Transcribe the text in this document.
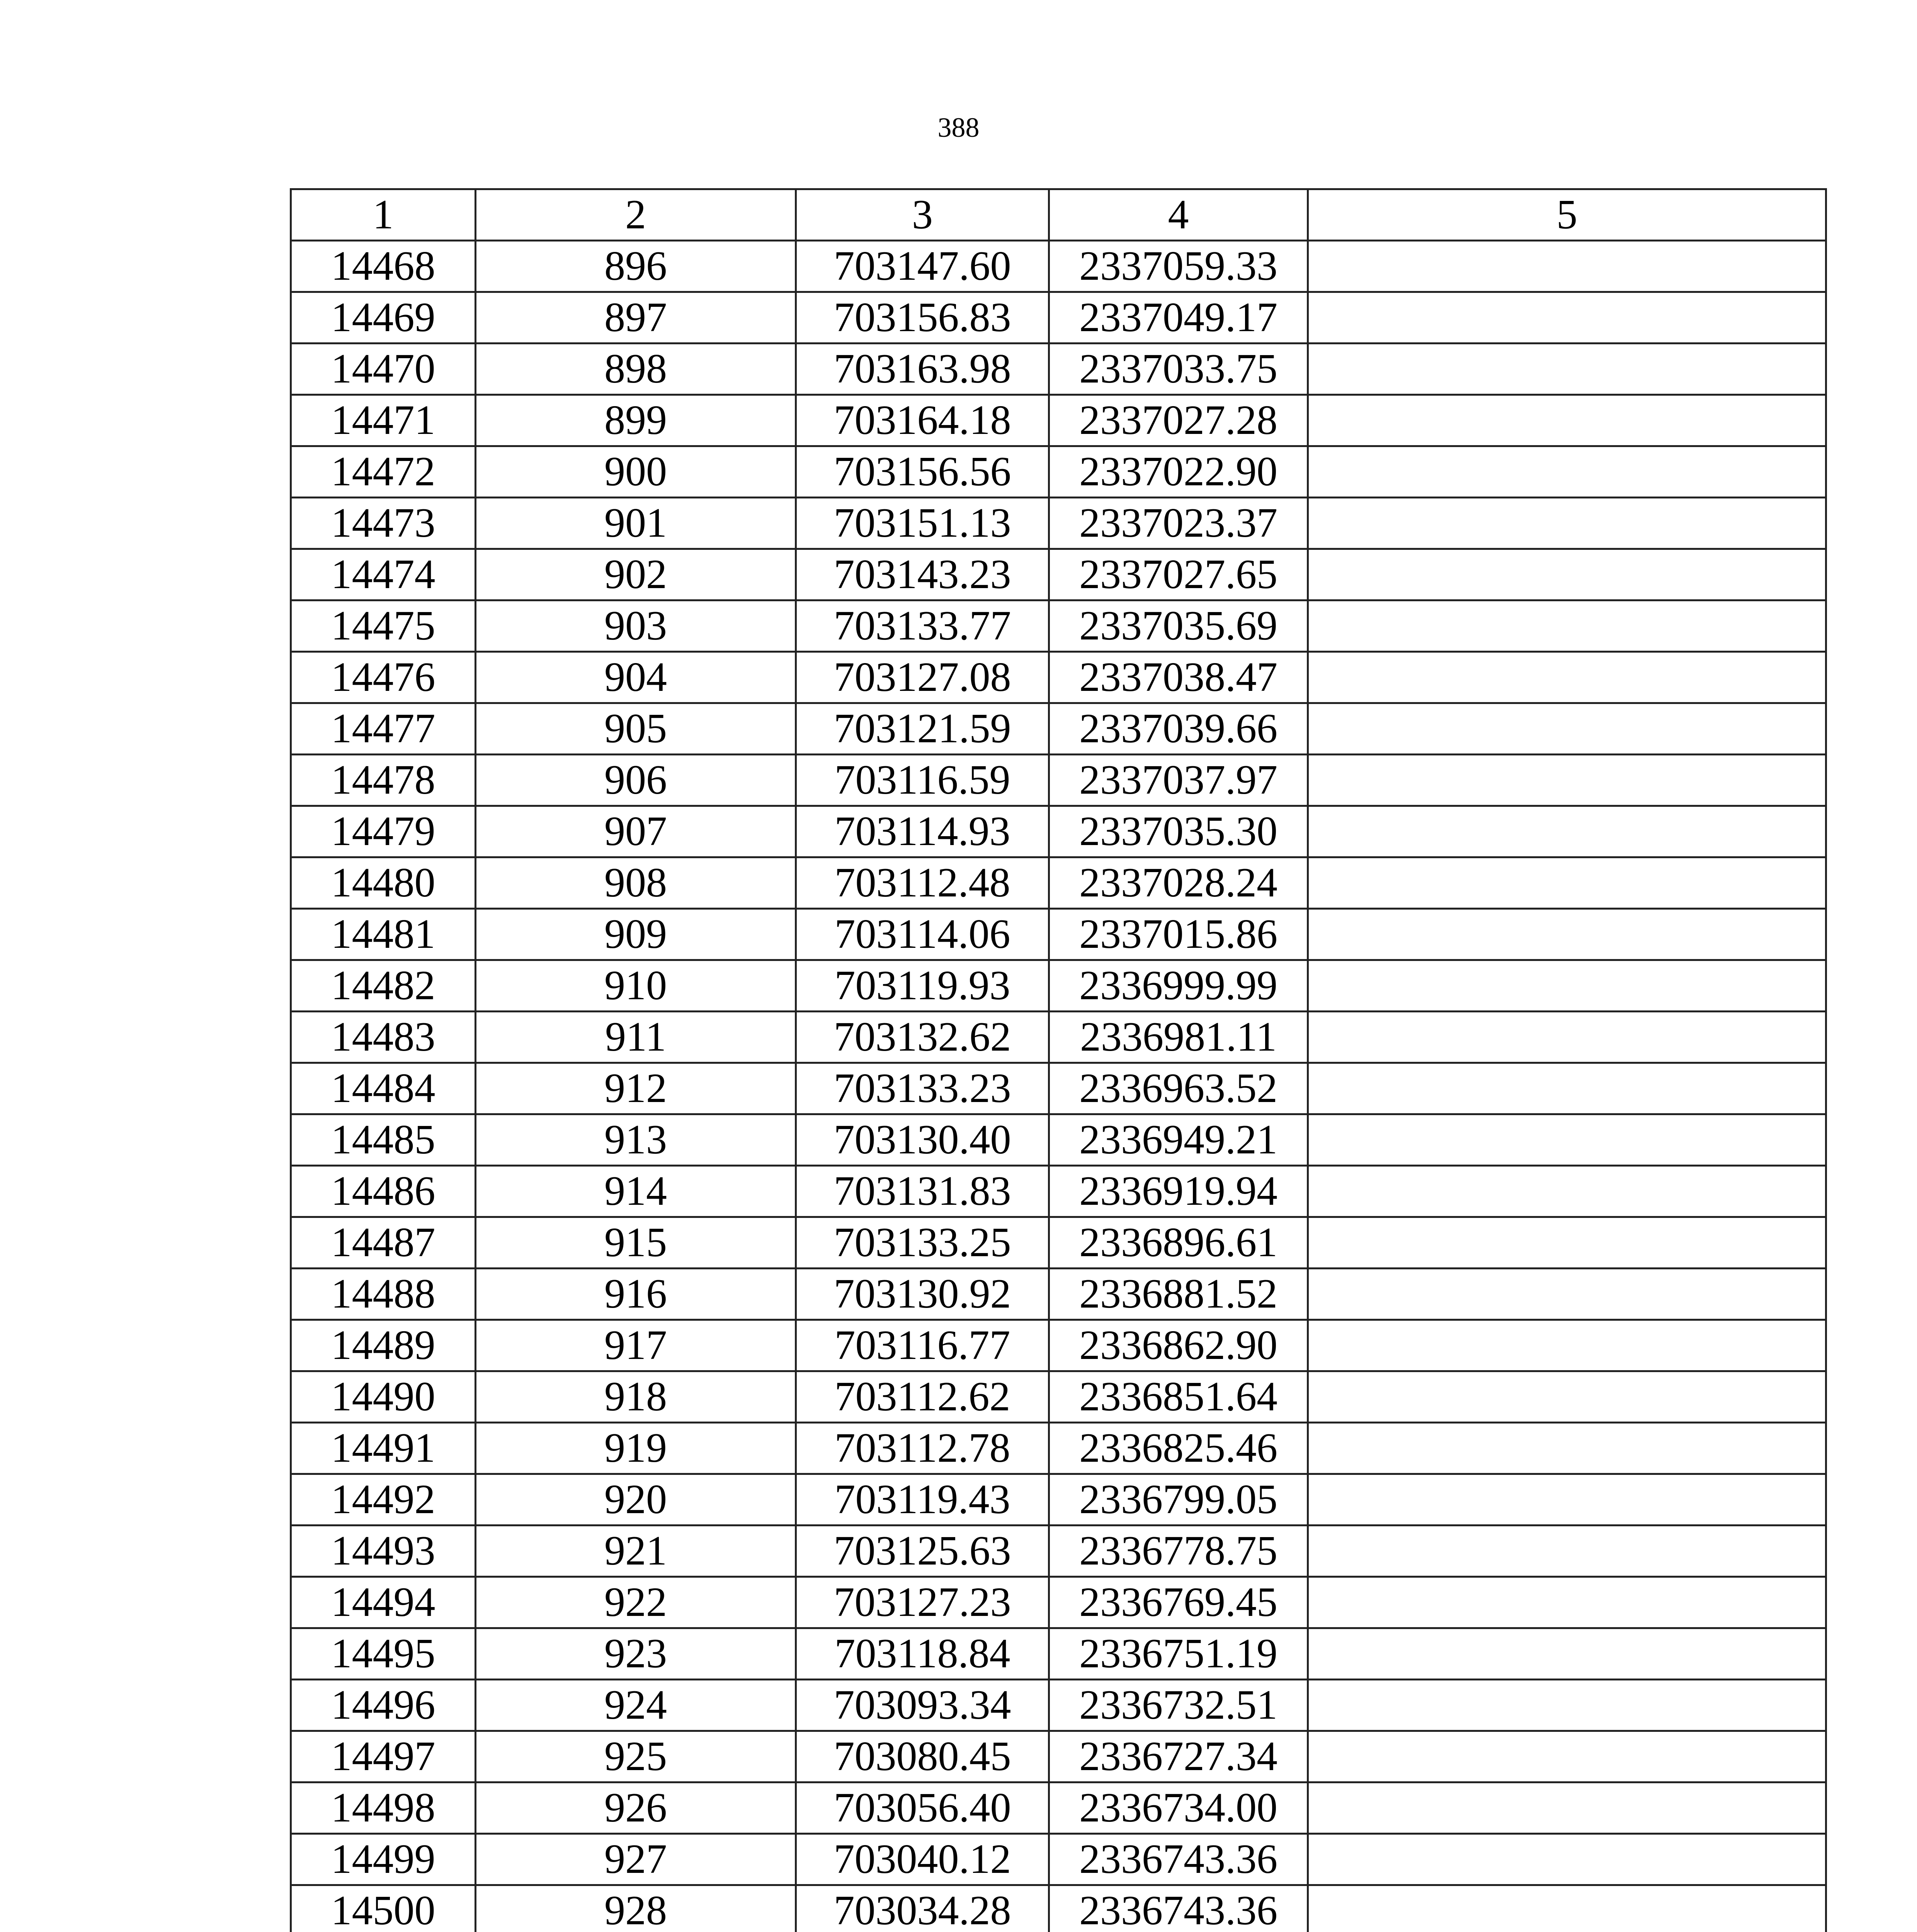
388
1	2	3	4	5
14468	896	703147.60	2337059.33	
14469	897	703156.83	2337049.17	
14470	898	703163.98	2337033.75	
14471	899	703164.18	2337027.28	
14472	900	703156.56	2337022.90	
14473	901	703151.13	2337023.37	
14474	902	703143.23	2337027.65	
14475	903	703133.77	2337035.69	
14476	904	703127.08	2337038.47	
14477	905	703121.59	2337039.66	
14478	906	703116.59	2337037.97	
14479	907	703114.93	2337035.30	
14480	908	703112.48	2337028.24	
14481	909	703114.06	2337015.86	
14482	910	703119.93	2336999.99	
14483	911	703132.62	2336981.11	
14484	912	703133.23	2336963.52	
14485	913	703130.40	2336949.21	
14486	914	703131.83	2336919.94	
14487	915	703133.25	2336896.61	
14488	916	703130.92	2336881.52	
14489	917	703116.77	2336862.90	
14490	918	703112.62	2336851.64	
14491	919	703112.78	2336825.46	
14492	920	703119.43	2336799.05	
14493	921	703125.63	2336778.75	
14494	922	703127.23	2336769.45	
14495	923	703118.84	2336751.19	
14496	924	703093.34	2336732.51	
14497	925	703080.45	2336727.34	
14498	926	703056.40	2336734.00	
14499	927	703040.12	2336743.36	
14500	928	703034.28	2336743.36	
